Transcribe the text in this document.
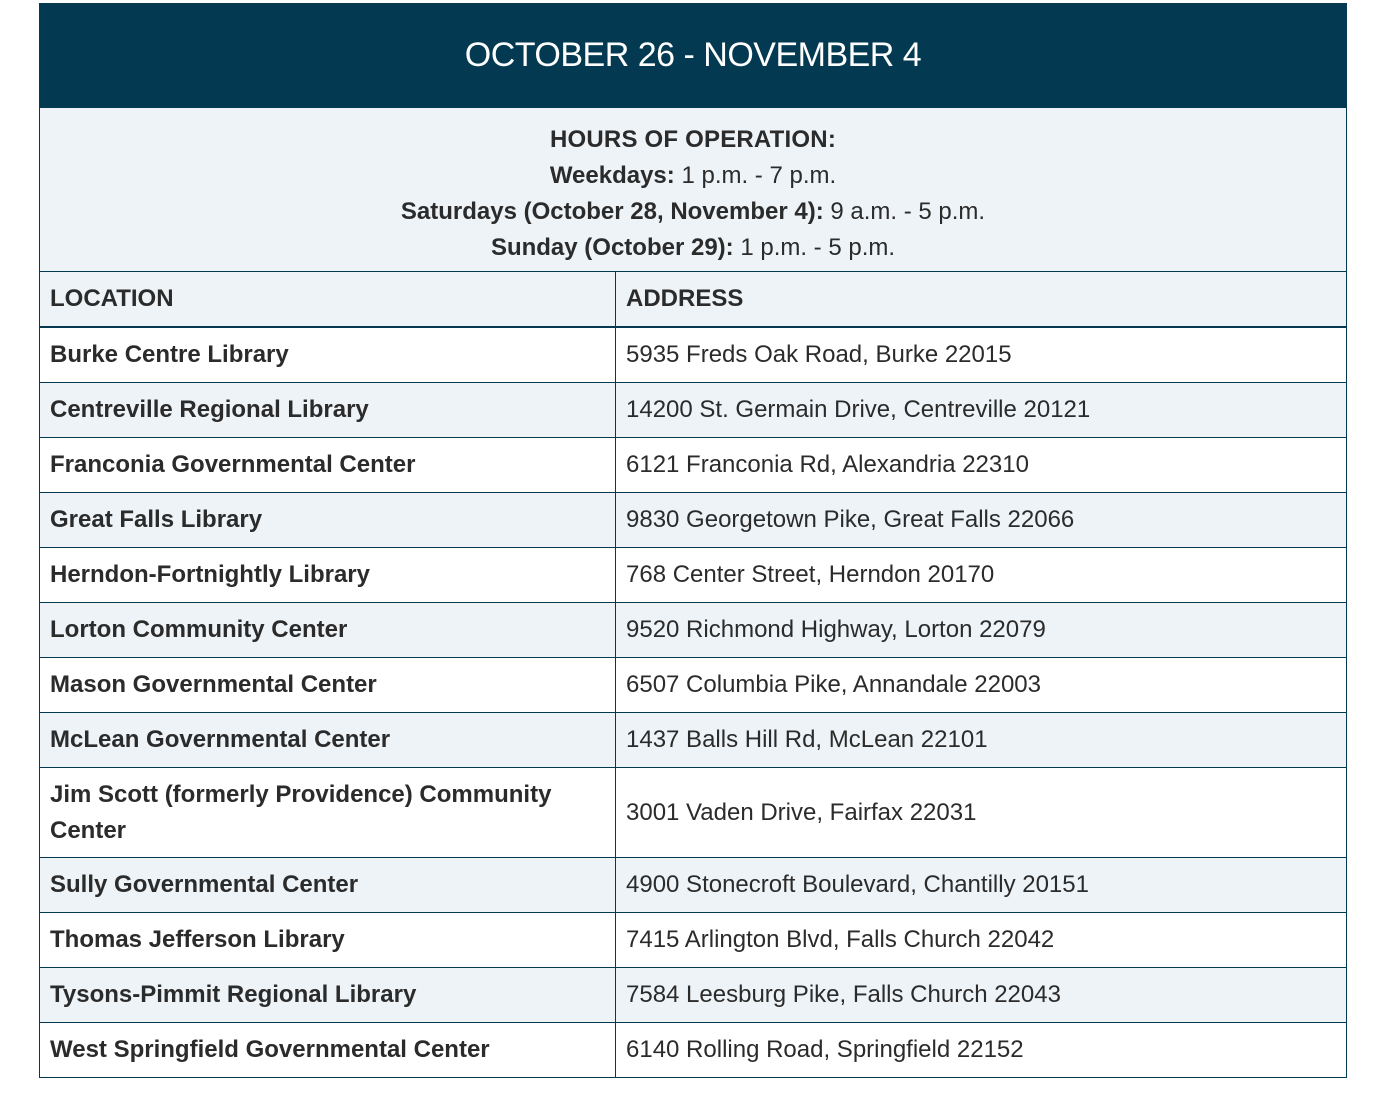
OCTOBER 26 - NOVEMBER 4
HOURS OF OPERATION:
Weekdays: 1 p.m. - 7 p.m.
Saturdays (October 28, November 4): 9 a.m. - 5 p.m.
Sunday (October 29): 1 p.m. - 5 p.m.
LOCATION	ADDRESS
Burke Centre Library	5935 Freds Oak Road, Burke 22015
Centreville Regional Library	14200 St. Germain Drive, Centreville 20121
Franconia Governmental Center	6121 Franconia Rd, Alexandria 22310
Great Falls Library	9830 Georgetown Pike, Great Falls 22066
Herndon-Fortnightly Library	768 Center Street, Herndon 20170
Lorton Community Center	9520 Richmond Highway, Lorton 22079
Mason Governmental Center	6507 Columbia Pike, Annandale 22003
McLean Governmental Center	1437 Balls Hill Rd, McLean 22101
Jim Scott (formerly Providence) Community Center	3001 Vaden Drive, Fairfax 22031
Sully Governmental Center	4900 Stonecroft Boulevard, Chantilly 20151
Thomas Jefferson Library	7415 Arlington Blvd, Falls Church 22042
Tysons-Pimmit Regional Library	7584 Leesburg Pike, Falls Church 22043
West Springfield Governmental Center	6140 Rolling Road, Springfield 22152
